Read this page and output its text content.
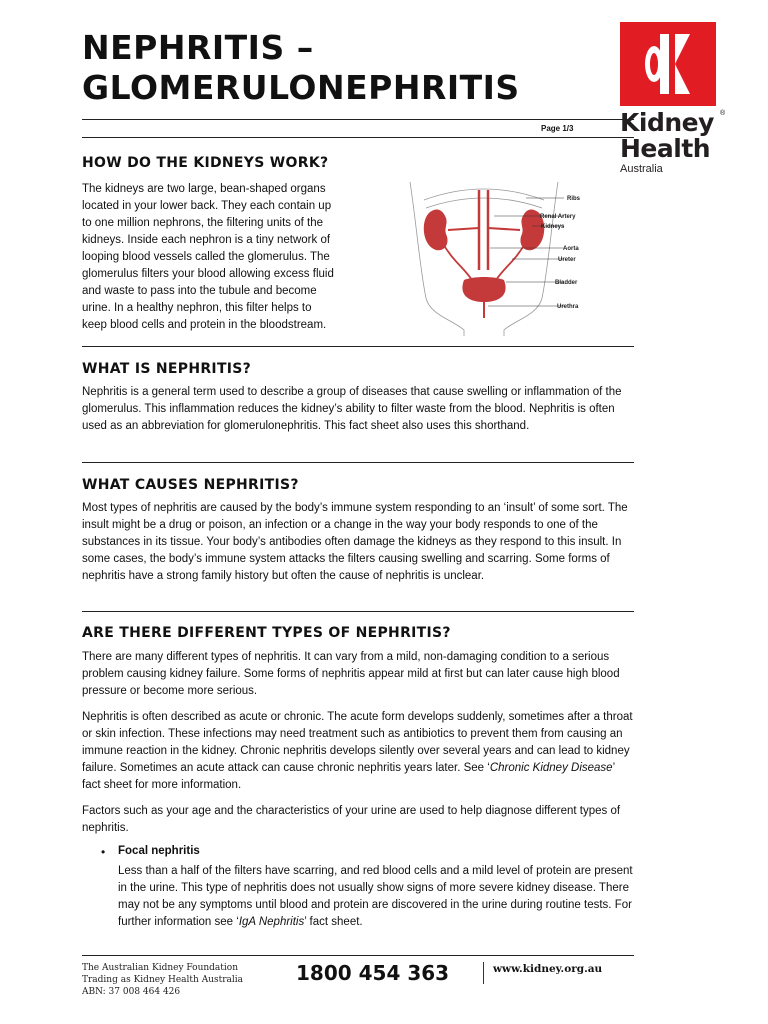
NEPHRITIS –
GLOMERULONEPHRITIS
Page 1/3
®
Kidney
Health
Australia
HOW DO THE KIDNEYS WORK?

The kidneys are two large, bean-shaped organs
located in your lower back. They each contain up
to one million nephrons, the filtering units of the
kidneys. Inside each nephron is a tiny network of
looping blood vessels called the glomerulus. The
glomerulus filters your blood allowing excess fluid
and waste to pass into the tubule and become
urine. In a healthy nephron, this filter helps to
keep blood cells and protein in the bloodstream.

Ribs
Renal Artery
Kidneys
Aorta
Ureter
Bladder
Urethra
WHAT IS NEPHRITIS?

Nephritis is a general term used to describe a group of diseases that cause swelling or inflammation of the glomerulus. This inflammation reduces the kidney’s ability to filter waste from the blood. Nephritis is often used as an abbreviation for glomerulonephritis. This fact sheet also uses this shorthand.

WHAT CAUSES NEPHRITIS?

Most types of nephritis are caused by the body’s immune system responding to an ‘insult’ of some sort. The insult might be a drug or poison, an infection or a change in the way your body responds to one of the substances in its tissue. Your body’s antibodies often damage the kidneys as they respond to this insult. In some cases, the body’s immune system attacks the filters causing swelling and scarring. Some forms of nephritis have a strong family history but often the cause of nephritis is unclear.

ARE THERE DIFFERENT TYPES OF NEPHRITIS?

There are many different types of nephritis. It can vary from a mild, non-damaging condition to a serious problem causing kidney failure. Some forms of nephritis appear mild at first but can later cause high blood pressure or become more serious.

Nephritis is often described as acute or chronic. The acute form develops suddenly, sometimes after a throat or skin infection. These infections may need treatment such as antibiotics to prevent them from causing an immune reaction in the kidney. Chronic nephritis develops silently over several years and can lead to kidney failure. Sometimes an acute attack can cause chronic nephritis years later. See ‘Chronic Kidney Disease’ fact sheet for more information.

Factors such as your age and the characteristics of your urine are used to help diagnose different types of nephritis.

• Focal nephritis

Less than a half of the filters have scarring, and red blood cells and a mild level of protein are present in the urine. This type of nephritis does not usually show signs of more severe kidney disease. There may not be any symptoms until blood and protein are discovered in the urine during routine tests. For further information see ‘IgA Nephritis’ fact sheet.

The Australian Kidney Foundation
Trading as Kidney Health Australia
ABN: 37 008 464 426
1800 454 363	www.kidney.org.au
